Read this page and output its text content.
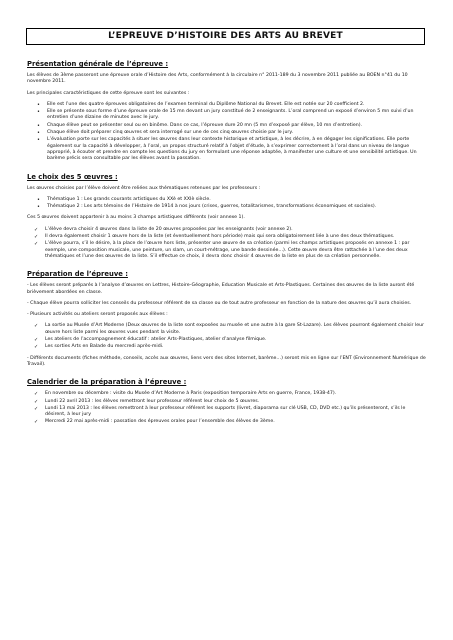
L’EPREUVE D’HISTOIRE DES ARTS AU BREVET
Présentation générale de l’épreuve :

Les élèves de 3ème passeront une épreuve orale d’Histoire des Arts, conformément à la circulaire n° 2011-189 du 3 novembre 2011 publiée au BOEN n°41 du 10 novembre 2011.

Les principales caractéristiques de cette épreuve sont les suivantes :

• Elle est l’une des quatre épreuves obligatoires de l’examen terminal du Diplôme National du Brevet. Elle est notée sur 20 coefficient 2.
• Elle se présente sous forme d’une épreuve orale de 15 mn devant un jury constitué de 2 enseignants. L’oral comprend un exposé d’environ 5 mn suivi d’un entretien d’une dizaine de minutes avec le jury.
• Chaque élève peut se présenter seul ou en binôme. Dans ce cas, l’épreuve dure 20 mn (5 mn d’exposé par élève, 10 mn d’entretien).
• Chaque élève doit préparer cinq œuvres et sera interrogé sur une de ces cinq œuvres choisie par le jury.
• L’évaluation porte sur les capacités à situer les œuvres dans leur contexte historique et artistique, à les décrire, à en dégager les significations. Elle porte également sur la capacité à développer, à l’oral, un propos structuré relatif à l’objet d’étude, à s’exprimer correctement à l’oral dans un niveau de langue approprié, à écouter et prendre en compte les questions du jury en formulant une réponse adaptée, à manifester une culture et une sensibilité artistique. Un barème précis sera consultable par les élèves avant la passation.
Le choix des 5 œuvres :

Les œuvres choisies par l’élève doivent être reliées aux thématiques retenues par les professeurs :

• Thématique 1 : Les grands courants artistiques du XXè et XXIè siècle.
• Thématique 2 : Les arts témoins de l’Histoire de 1914 à nos jours (crises, guerres, totalitarismes, transformations économiques et sociales).

Ces 5 œuvres doivent appartenir à au moins 3 champs artistiques différents (voir annexe 1).

✓ L’élève devra choisir 4 œuvres dans la liste de 20 œuvres proposées par les enseignants (voir annexe 2).
✓ Il devra également choisir 1 œuvre hors de la liste (et éventuellement hors période) mais qui sera obligatoirement liée à une des deux thématiques.
✓ L’élève pourra, s’il le désire, à la place de l’œuvre hors liste, présenter une œuvre de sa création (parmi les champs artistiques proposés en annexe 1 : par exemple, une composition musicale, une peinture, un slam, un court-métrage, une bande dessinée…). Cette œuvre devra être rattachée à l’une des deux thématiques et l’une des œuvres de la liste. S’il effectue ce choix, il devra donc choisir 4 œuvres de la liste en plus de sa création personnelle.
Préparation de l’épreuve :

- Les élèves seront préparés à l’analyse d’œuvres en Lettres, Histoire-Géographie, Education Musicale et Arts-Plastiques. Certaines des œuvres de la liste auront été brièvement abordées en classe.

- Chaque élève pourra solliciter les conseils du professeur référent de sa classe ou de tout autre professeur en fonction de la nature des œuvres qu’il aura choisies.

- Plusieurs activités ou ateliers seront proposés aux élèves :

✓ La sortie au Musée d’Art Moderne (Deux œuvres de la liste sont exposées au musée et une autre à la gare St-Lazare). Les élèves pourront également choisir leur œuvre hors liste parmi les œuvres vues pendant la visite.
✓ Les ateliers de l’accompagnement éducatif : atelier Arts-Plastiques, atelier d’analyse filmique.
✓ Les sorties Arts en Balade du mercredi après-midi.

- Différents documents (fiches méthode, conseils, accès aux œuvres, liens vers des sites Internet, barème…) seront mis en ligne sur l’ENT (Environnement Numérique de Travail).

Calendrier de la préparation à l’épreuve :
✓ En novembre ou décembre : visite du Musée d’Art Moderne à Paris (exposition temporaire Arts en guerre, France, 1938-47).
✓ Lundi 22 avril 2013 : les élèves remettront leur professeur référent leur choix de 5 œuvres.
✓ Lundi 13 mai 2013 : les élèves remettront à leur professeur référent les supports (livret, diaporama sur clé USB, CD, DVD etc.) qu’ils présenteront, s’ils le désirent, à leur jury
✓ Mercredi 22 mai après-midi : passation des épreuves orales pour l’ensemble des élèves de 3ème.
